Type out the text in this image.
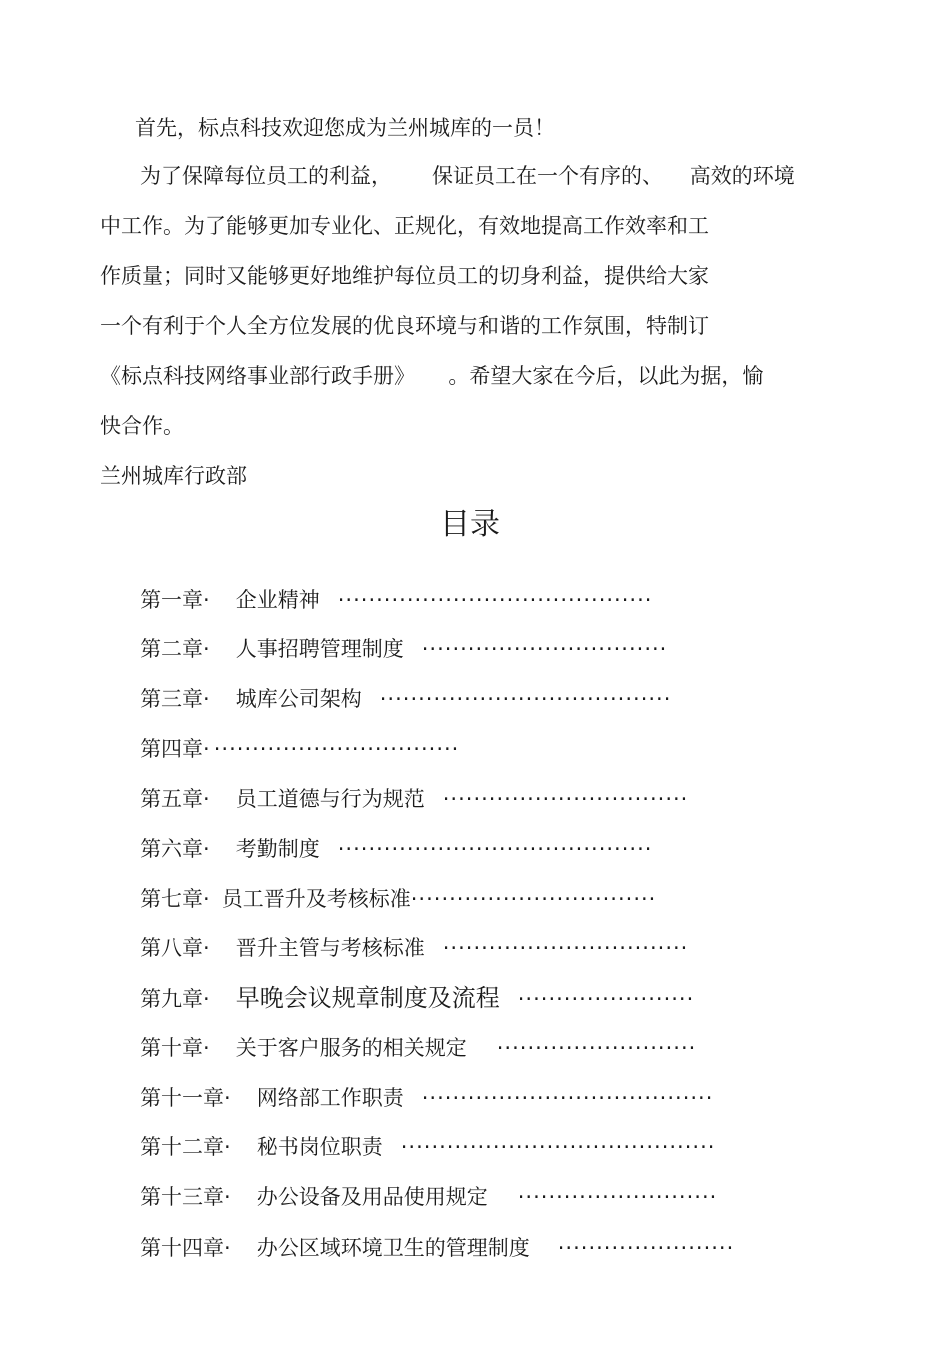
首先，标点科技欢迎您成为兰州城库的一员！
为了保障每位员工的利益，      保证员工在一个有序的、    高效的环境
中工作。为了能够更加专业化、正规化，有效地提高工作效率和工
作质量；同时又能够更好地维护每位员工的切身利益，提供给大家
一个有利于个人全方位发展的优良环境与和谐的工作氛围，特制订
《标点科技网络事业部行政手册》     。希望大家在今后，以此为据，愉
快合作。
兰州城库行政部
目录

第一章· 企业精神 ·········································

第二章· 人事招聘管理制度 ································

第三章· 城库公司架构 ······································

第四章· ································

第五章· 员工道德与行为规范 ································

第六章· 考勤制度 ·········································

第七章· 员工晋升及考核标准································

第八章· 晋升主管与考核标准 ································

第九章· 早晚会议规章制度及流程 ·······················

第十章· 关于客户服务的相关规定 ··························

第十一章· 网络部工作职责 ······································

第十二章· 秘书岗位职责 ·········································

第十三章· 办公设备及用品使用规定 ··························

第十四章· 办公区域环境卫生的管理制度 ·······················
